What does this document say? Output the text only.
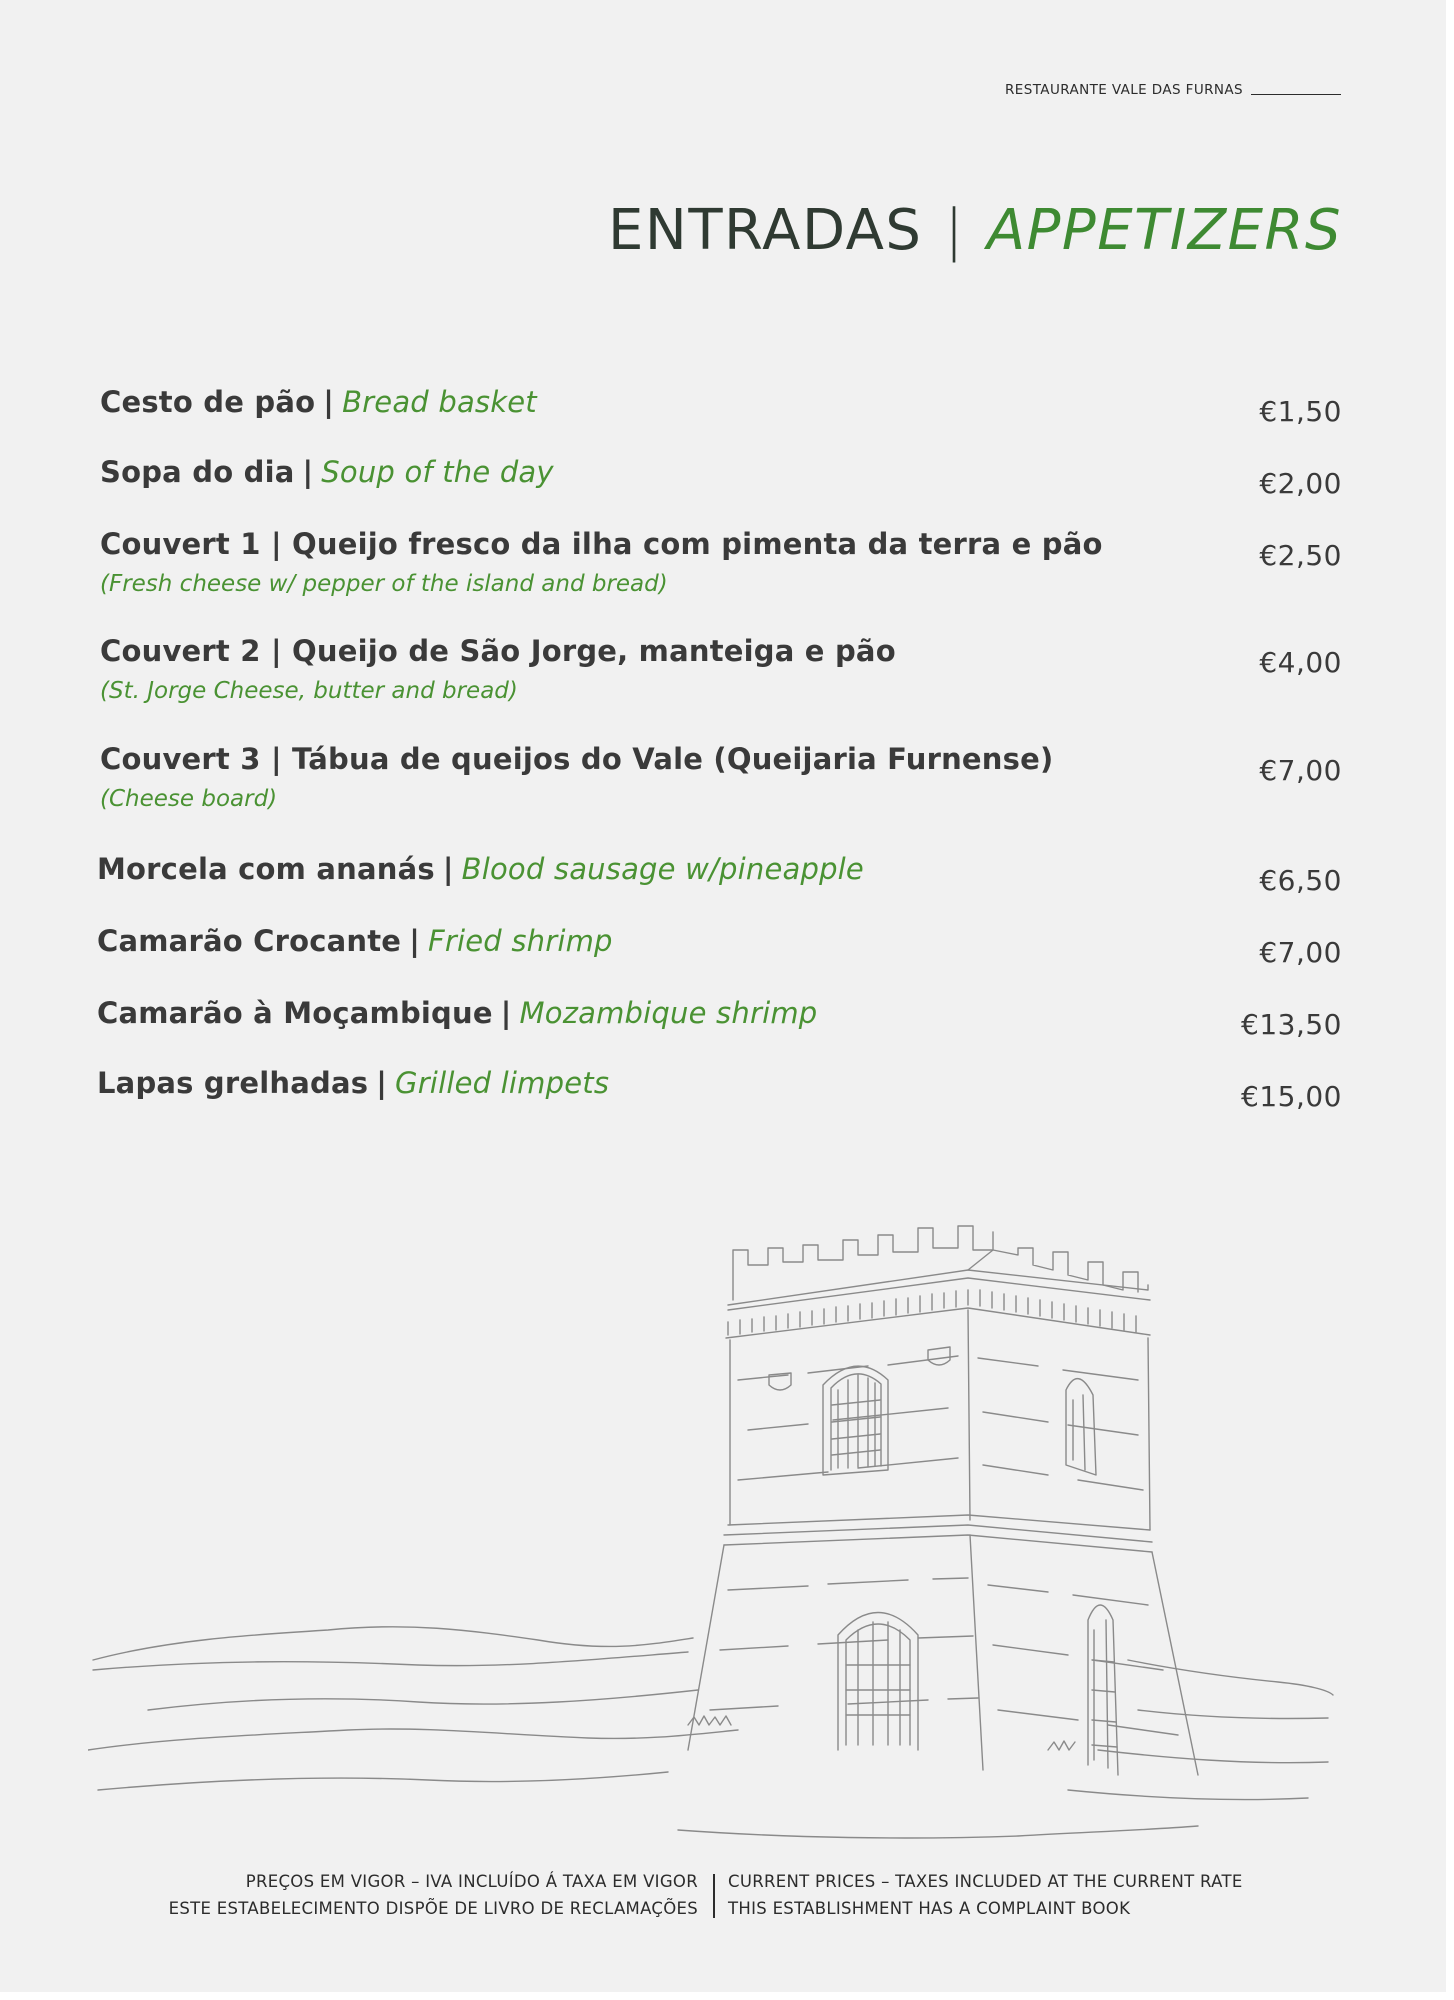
RESTAURANTE VALE DAS FURNAS
ENTRADAS | APPETIZERS
Cesto de pão | Bread basket	€1,50
Sopa do dia | Soup of the day	€2,00
Couvert 1 | Queijo fresco da ilha com pimenta da terra e pão
(Fresh cheese w/ pepper of the island and bread)
€2,50
Couvert 2 | Queijo de São Jorge, manteiga e pão
(St. Jorge Cheese, butter and bread)
€4,00
Couvert 3 | Tábua de queijos do Vale (Queijaria Furnense)
(Cheese board)
€7,00
Morcela com ananás | Blood sausage w/pineapple	€6,50
Camarão Crocante | Fried shrimp	€7,00
Camarão à Moçambique | Mozambique shrimp	€13,50
Lapas grelhadas | Grilled limpets	€15,00
PREÇOS EM VIGOR – IVA INCLUÍDO Á TAXA EM VIGOR
ESTE ESTABELECIMENTO DISPÕE DE LIVRO DE RECLAMAÇÕES
CURRENT PRICES – TAXES INCLUDED AT THE CURRENT RATE
THIS ESTABLISHMENT HAS A COMPLAINT BOOK
